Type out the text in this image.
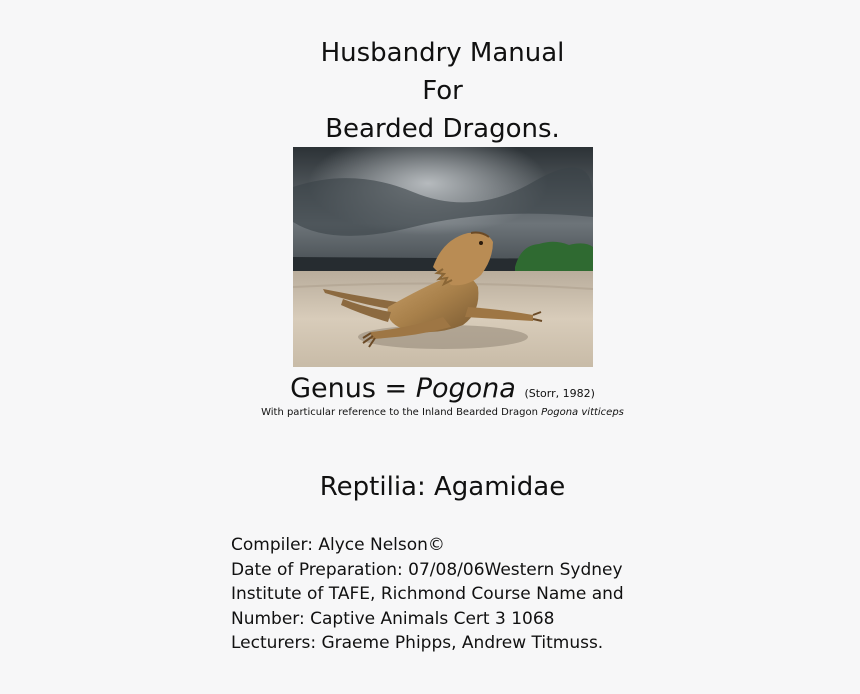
Husbandry Manual
For
Bearded Dragons.
Genus = Pogona (Storr, 1982)
With particular reference to the Inland Bearded Dragon Pogona vitticeps
Reptilia: Agamidae
Compiler: Alyce Nelson©
Date of Preparation: 07/08/06Western Sydney
Institute of TAFE, Richmond Course Name and
Number: Captive Animals Cert 3 1068
Lecturers: Graeme Phipps, Andrew Titmuss.
